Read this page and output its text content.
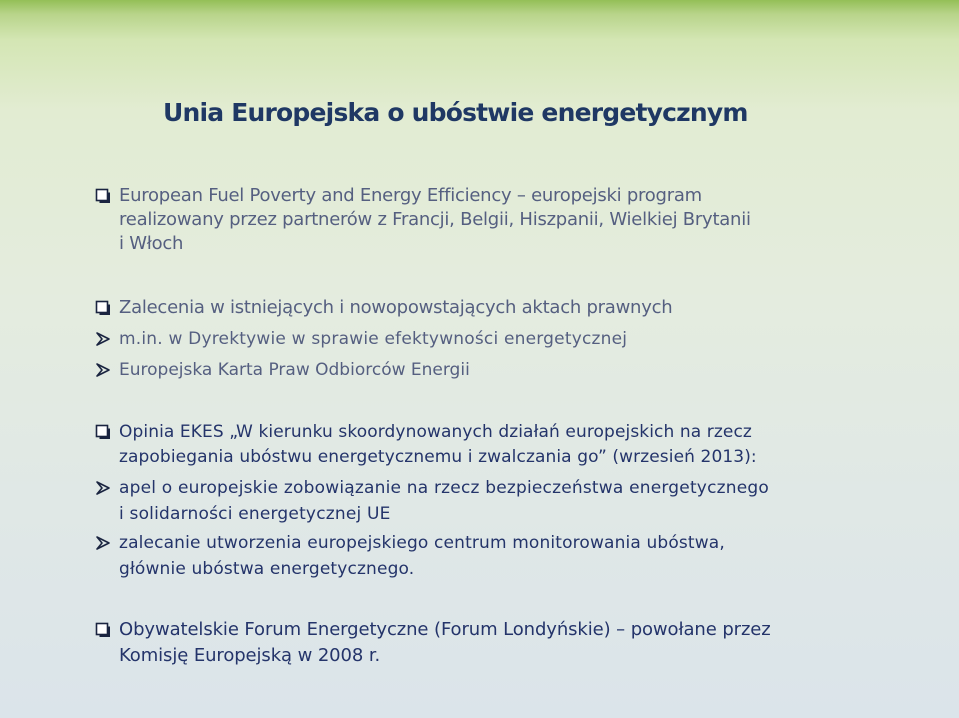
Unia Europejska o ubóstwie energetycznym
European Fuel Poverty and Energy Efficiency – europejski program
realizowany przez partnerów z Francji, Belgii, Hiszpanii, Wielkiej Brytanii
i Włoch
Zalecenia w istniejących i nowopowstających aktach prawnych
m.in. w Dyrektywie w sprawie efektywności energetycznej
Europejska Karta Praw Odbiorców Energii
Opinia EKES „W kierunku skoordynowanych działań europejskich na rzecz
zapobiegania ubóstwu energetycznemu i zwalczania go” (wrzesień 2013):
apel o europejskie zobowiązanie na rzecz bezpieczeństwa energetycznego
i solidarności energetycznej UE
zalecanie utworzenia europejskiego centrum monitorowania ubóstwa,
głównie ubóstwa energetycznego.
Obywatelskie Forum Energetyczne (Forum Londyńskie) – powołane przez
Komisję Europejską w 2008 r.
